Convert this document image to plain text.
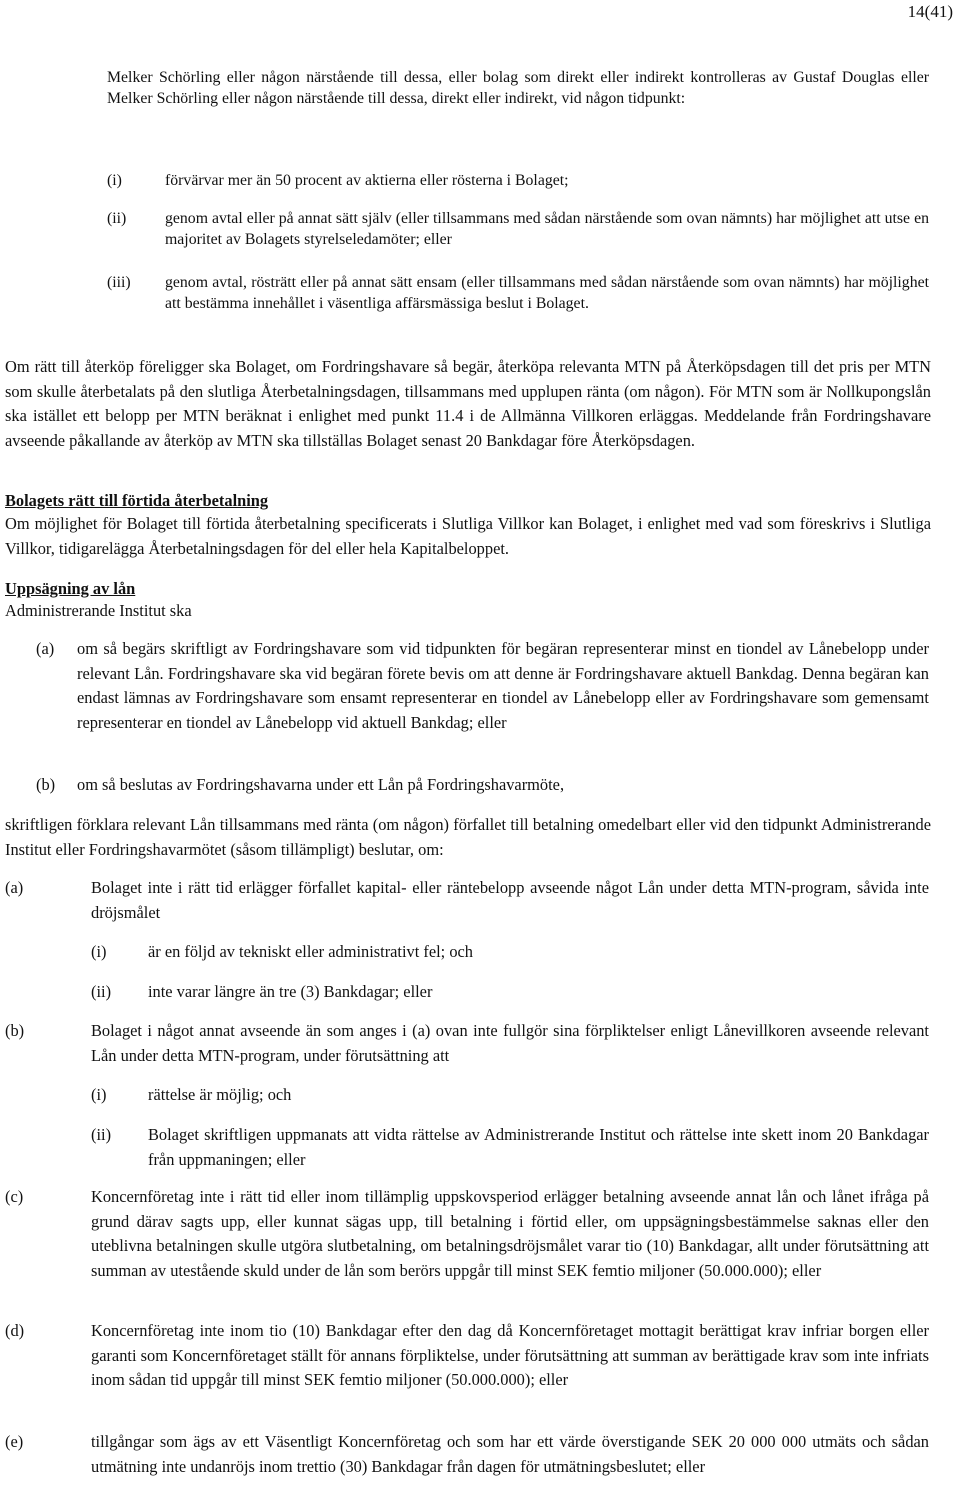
14(41)
Melker Schörling eller någon närstående till dessa, eller bolag som direkt eller indirekt kontrolleras av Gustaf Douglas eller Melker Schörling eller någon närstående till dessa, direkt eller indirekt, vid någon tidpunkt:
(i)	förvärvar mer än 50 procent av aktierna eller rösterna i Bolaget;
(ii) genom avtal eller på annat sätt själv (eller tillsammans med sådan närstående som ovan nämnts) har möjlighet att utse en majoritet av Bolagets styrelseledamöter; eller
(iii) genom avtal, rösträtt eller på annat sätt ensam (eller tillsammans med sådan närstående som ovan nämnts) har möjlighet att bestämma innehållet i väsentliga affärsmässiga beslut i Bolaget.
Om rätt till återköp föreligger ska Bolaget, om Fordringshavare så begär, återköpa relevanta MTN på Återköpsdagen till det pris per MTN som skulle återbetalats på den slutliga Återbetalningsdagen, tillsammans med upplupen ränta (om någon). För MTN som är Nollkupongslån ska istället ett belopp per MTN beräknat i enlighet med punkt 11.4 i de Allmänna Villkoren erläggas. Meddelande från Fordringshavare avseende påkallande av återköp av MTN ska tillställas Bolaget senast 20 Bankdagar före Återköpsdagen.
Bolagets rätt till förtida återbetalning
Om möjlighet för Bolaget till förtida återbetalning specificerats i Slutliga Villkor kan Bolaget, i enlighet med vad som föreskrivs i Slutliga Villkor, tidigarelägga Återbetalningsdagen för del eller hela Kapitalbeloppet.
Uppsägning av lån
Administrerande Institut ska
(a) om så begärs skriftligt av Fordringshavare som vid tidpunkten för begäran representerar minst en tiondel av Lånebelopp under relevant Lån. Fordringshavare ska vid begäran förete bevis om att denne är Fordringshavare aktuell Bankdag. Denna begäran kan endast lämnas av Fordringshavare som ensamt representerar en tiondel av Lånebelopp eller av Fordringshavare som gemensamt representerar en tiondel av Lånebelopp vid aktuell Bankdag; eller
(b) om så beslutas av Fordringshavarna under ett Lån på Fordringshavarmöte,
skriftligen förklara relevant Lån tillsammans med ränta (om någon) förfallet till betalning omedelbart eller vid den tidpunkt Administrerande Institut eller Fordringshavarmötet (såsom tillämpligt) beslutar, om:
(a)	Bolaget inte i rätt tid erlägger förfallet kapital- eller räntebelopp avseende något Lån under detta MTN-program, såvida inte dröjsmålet
(i)	är en följd av tekniskt eller administrativt fel; och
(ii) inte varar längre än tre (3) Bankdagar; eller
(b)	Bolaget i något annat avseende än som anges i (a) ovan inte fullgör sina förpliktelser enligt Lånevillkoren avseende relevant Lån under detta MTN-program, under förutsättning att
(i)	rättelse är möjlig; och
(ii) Bolaget skriftligen uppmanats att vidta rättelse av Administrerande Institut och rättelse inte skett inom 20 Bankdagar från uppmaningen; eller
(c)	Koncernföretag inte i rätt tid eller inom tillämplig uppskovsperiod erlägger betalning avseende annat lån och lånet ifråga på grund därav sagts upp, eller kunnat sägas upp, till betalning i förtid eller, om uppsägningsbestämmelse saknas eller den uteblivna betalningen skulle utgöra slutbetalning, om betalningsdröjsmålet varar tio (10) Bankdagar, allt under förutsättning att summan av utestående skuld under de lån som berörs uppgår till minst SEK femtio miljoner (50.000.000); eller
(d)	Koncernföretag inte inom tio (10) Bankdagar efter den dag då Koncernföretaget mottagit berättigat krav infriar borgen eller garanti som Koncernföretaget ställt för annans förpliktelse, under förutsättning att summan av berättigade krav som inte infriats inom sådan tid uppgår till minst SEK femtio miljoner (50.000.000); eller
(e)	tillgångar som ägs av ett Väsentligt Koncernföretag och som har ett värde överstigande SEK 20 000 000 utmäts och sådan utmätning inte undanröjs inom trettio (30) Bankdagar från dagen för utmätningsbeslutet; eller
